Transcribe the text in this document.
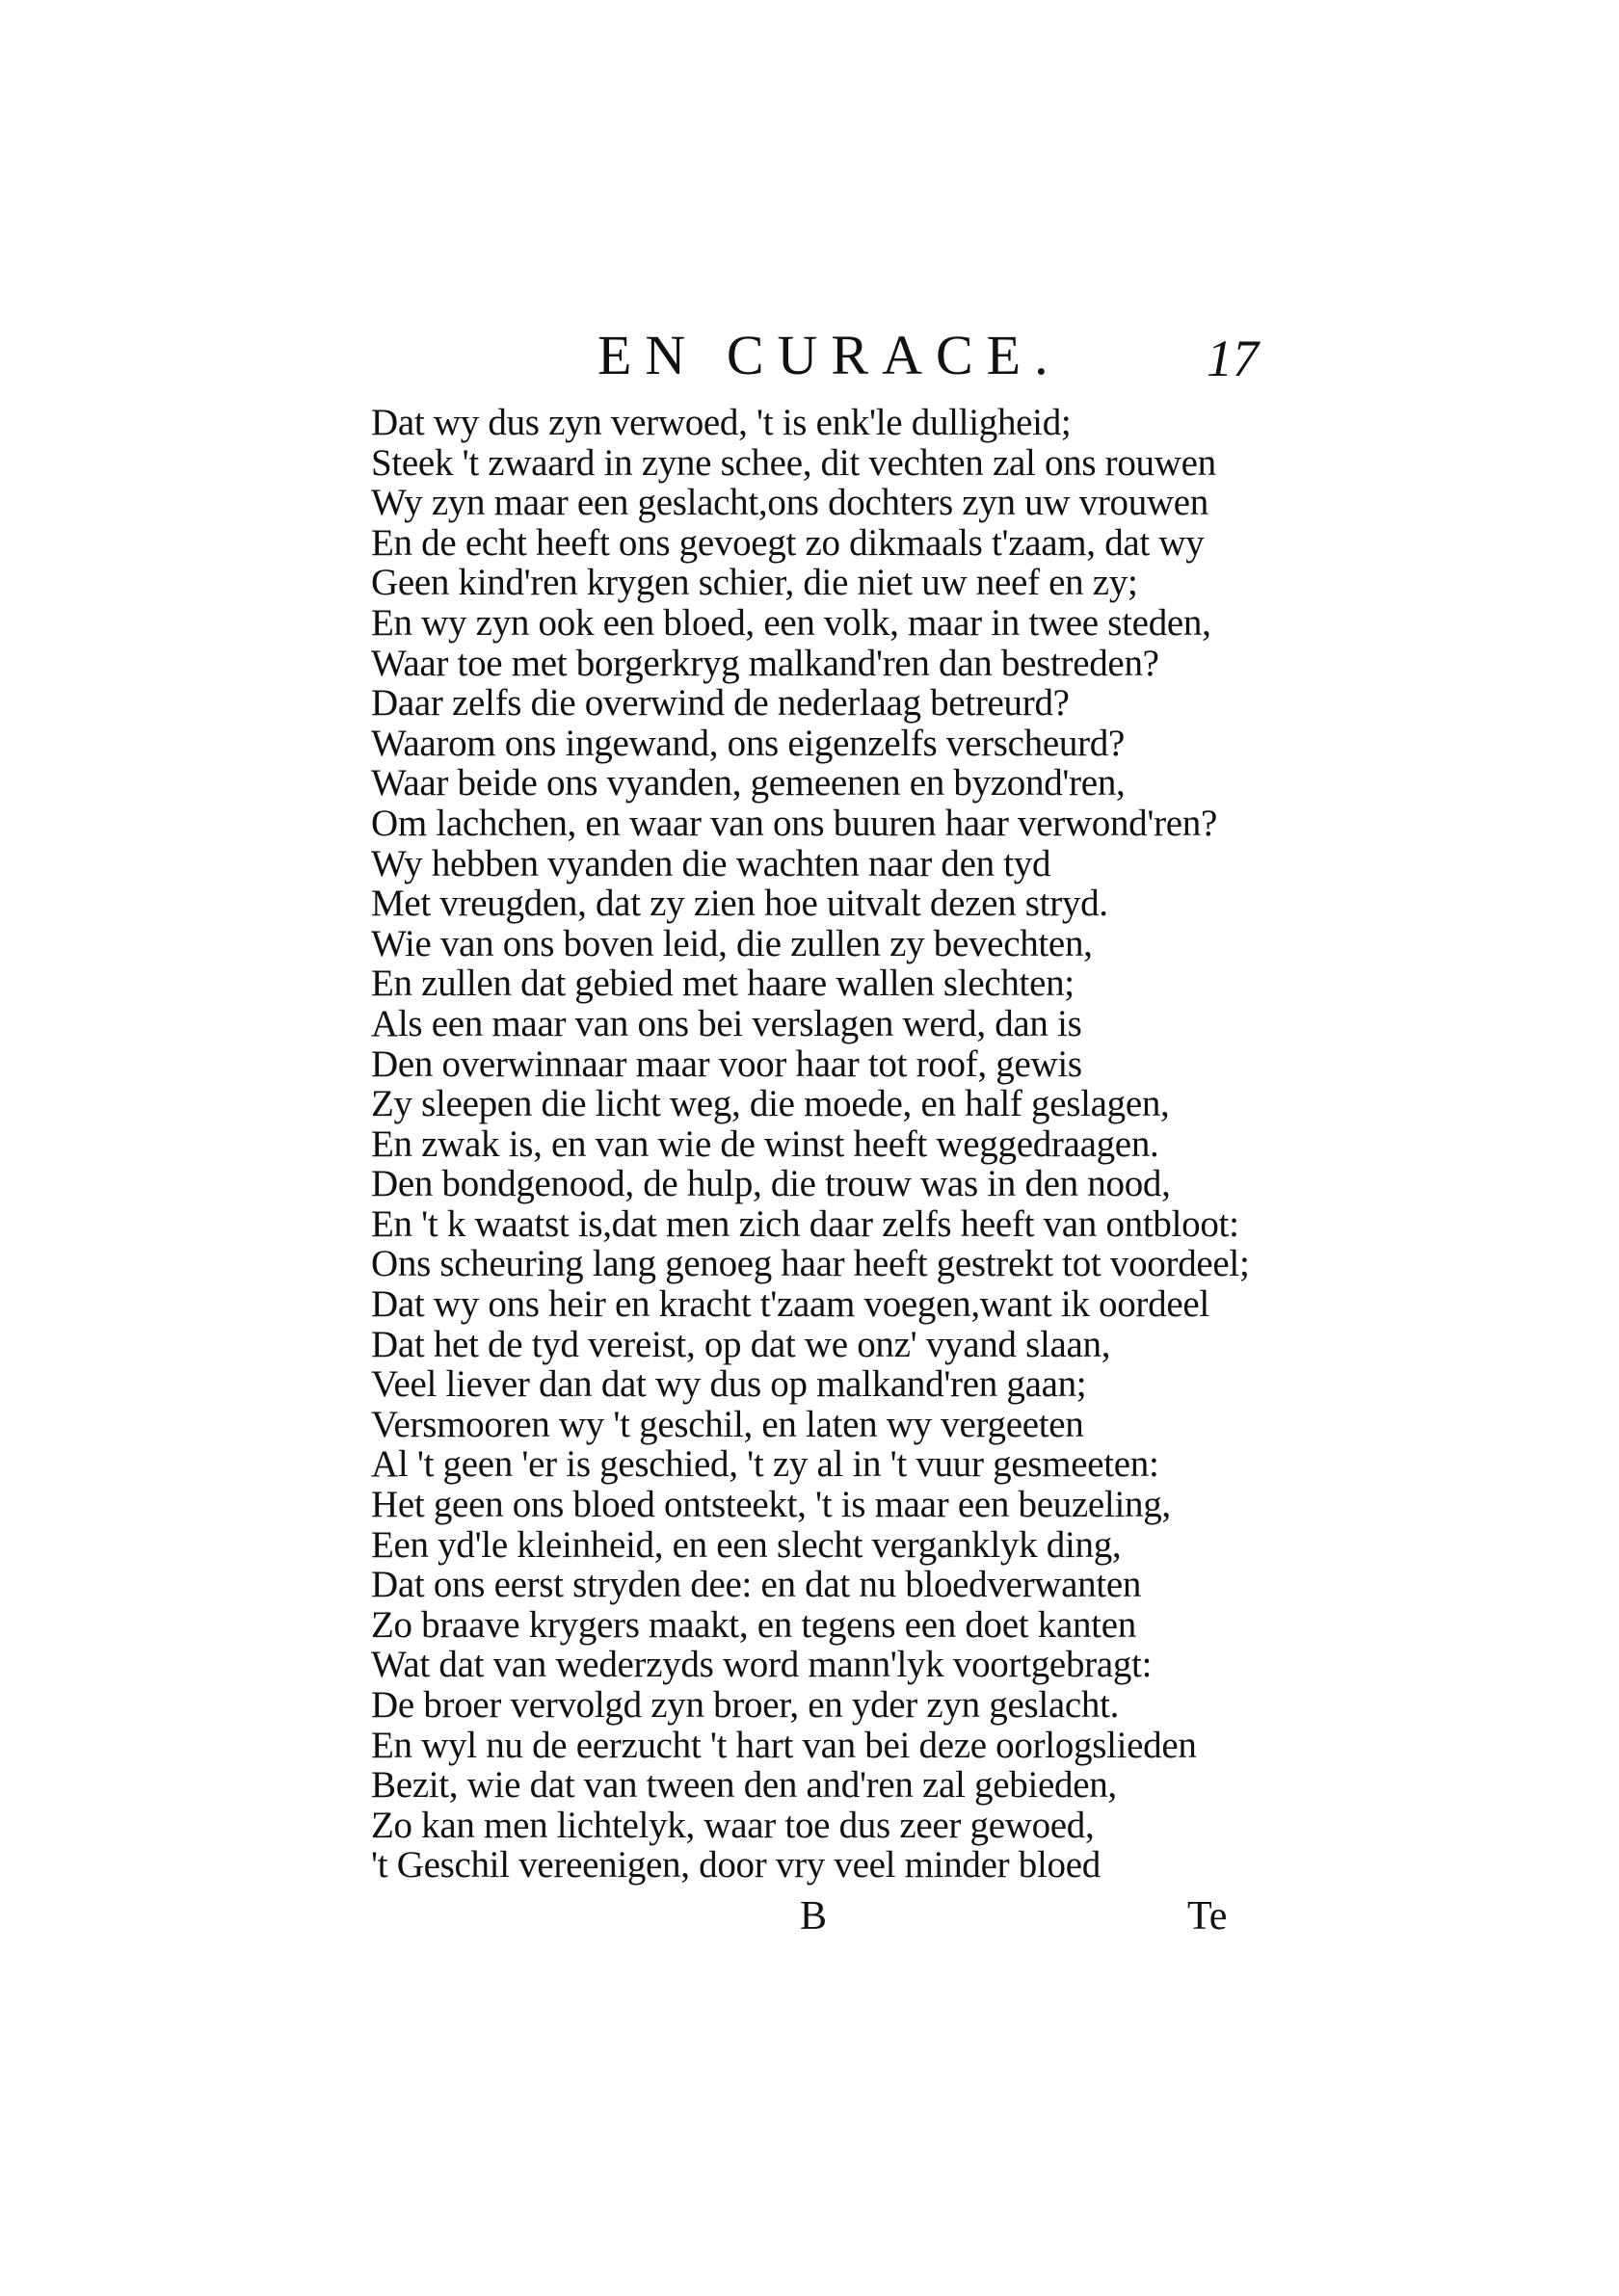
EN CURACE.	17
Dat wy dus zyn verwoed, 't is enk'le dulligheid;
Steek 't zwaard in zyne schee, dit vechten zal ons rouwen
Wy zyn maar een geslacht,ons dochters zyn uw vrouwen
En de echt heeft ons gevoegt zo dikmaals t'zaam, dat wy
Geen kind'ren krygen schier, die niet uw neef en zy;
En wy zyn ook een bloed, een volk, maar in twee steden,
Waar toe met borgerkryg malkand'ren dan bestreden?
Daar zelfs die overwind de nederlaag betreurd?
Waarom ons ingewand, ons eigenzelfs verscheurd?
Waar beide ons vyanden, gemeenen en byzond'ren,
Om lachchen, en waar van ons buuren haar verwond'ren?
Wy hebben vyanden die wachten naar den tyd
Met vreugden, dat zy zien hoe uitvalt dezen stryd.
Wie van ons boven leid, die zullen zy bevechten,
En zullen dat gebied met haare wallen slechten;
Als een maar van ons bei verslagen werd, dan is
Den overwinnaar maar voor haar tot roof, gewis
Zy sleepen die licht weg, die moede, en half geslagen,
En zwak is, en van wie de winst heeft weggedraagen.
Den bondgenood, de hulp, die trouw was in den nood,
En 't k waatst is,dat men zich daar zelfs heeft van ontbloot:
Ons scheuring lang genoeg haar heeft gestrekt tot voordeel;
Dat wy ons heir en kracht t'zaam voegen,want ik oordeel
Dat het de tyd vereist, op dat we onz' vyand slaan,
Veel liever dan dat wy dus op malkand'ren gaan;
Versmooren wy 't geschil, en laten wy vergeeten
Al 't geen 'er is geschied, 't zy al in 't vuur gesmeeten:
Het geen ons bloed ontsteekt, 't is maar een beuzeling,
Een yd'le kleinheid, en een slecht verganklyk ding,
Dat ons eerst stryden dee: en dat nu bloedverwanten
Zo braave krygers maakt, en tegens een doet kanten
Wat dat van wederzyds word mann'lyk voortgebragt:
De broer vervolgd zyn broer, en yder zyn geslacht.
En wyl nu de eerzucht 't hart van bei deze oorlogslieden
Bezit, wie dat van tween den and'ren zal gebieden,
Zo kan men lichtelyk, waar toe dus zeer gewoed,
't Geschil vereenigen, door vry veel minder bloed
B	Te
